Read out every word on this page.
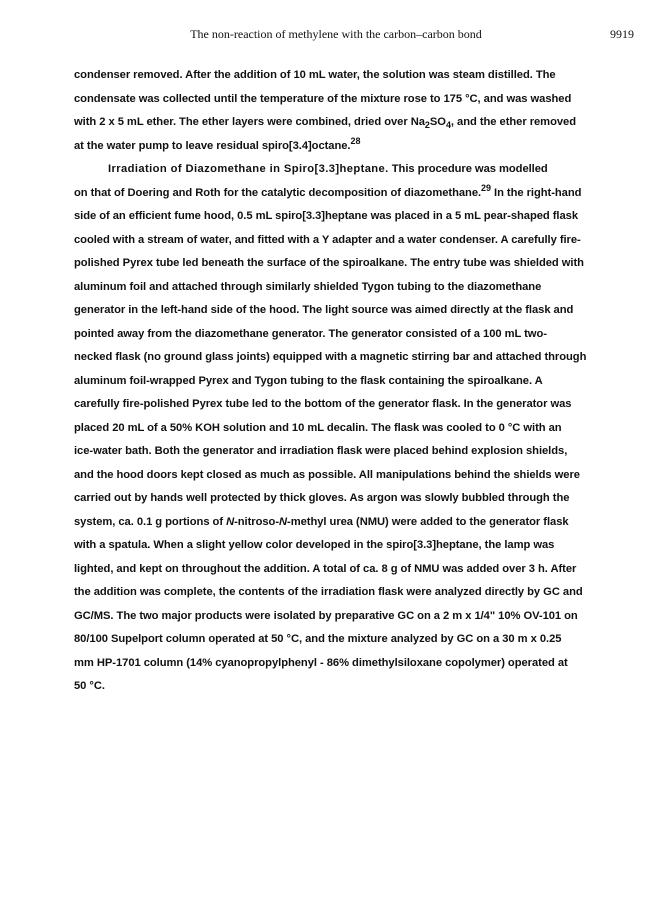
The non-reaction of methylene with the carbon–carbon bond	9919
condenser removed. After the addition of 10 mL water, the solution was steam distilled. The
condensate was collected until the temperature of the mixture rose to 175 °C, and was washed
with 2 x 5 mL ether. The ether layers were combined, dried over $Na_2SO_4$, and the ether removed
at the water pump to leave residual spiro[3.4]octane.$^{28}$
Irradiation of Diazomethane in Spiro[3.3]heptane. This procedure was modelled
on that of Doering and Roth for the catalytic decomposition of diazomethane.$^{29}$ In the right-hand
side of an efficient fume hood, 0.5 mL spiro[3.3]heptane was placed in a 5 mL pear-shaped flask
cooled with a stream of water, and fitted with a Y adapter and a water condenser. A carefully fire-
polished Pyrex tube led beneath the surface of the spiroalkane. The entry tube was shielded with
aluminum foil and attached through similarly shielded Tygon tubing to the diazomethane
generator in the left-hand side of the hood. The light source was aimed directly at the flask and
pointed away from the diazomethane generator. The generator consisted of a 100 mL two-
necked flask (no ground glass joints) equipped with a magnetic stirring bar and attached through
aluminum foil-wrapped Pyrex and Tygon tubing to the flask containing the spiroalkane. A
carefully fire-polished Pyrex tube led to the bottom of the generator flask. In the generator was
placed 20 mL of a 50% KOH solution and 10 mL decalin. The flask was cooled to 0 °C with an
ice-water bath. Both the generator and irradiation flask were placed behind explosion shields,
and the hood doors kept closed as much as possible. All manipulations behind the shields were
carried out by hands well protected by thick gloves. As argon was slowly bubbled through the
system, ca. 0.1 g portions of N-nitroso-N-methyl urea (NMU) were added to the generator flask
with a spatula. When a slight yellow color developed in the spiro[3.3]heptane, the lamp was
lighted, and kept on throughout the addition. A total of ca. 8 g of NMU was added over 3 h. After
the addition was complete, the contents of the irradiation flask were analyzed directly by GC and
GC/MS. The two major products were isolated by preparative GC on a 2 m x 1/4" 10% OV-101 on
80/100 Supelport column operated at 50 °C, and the mixture analyzed by GC on a 30 m x 0.25
mm HP-1701 column (14% cyanopropylphenyl - 86% dimethylsiloxane copolymer) operated at
50 °C.
